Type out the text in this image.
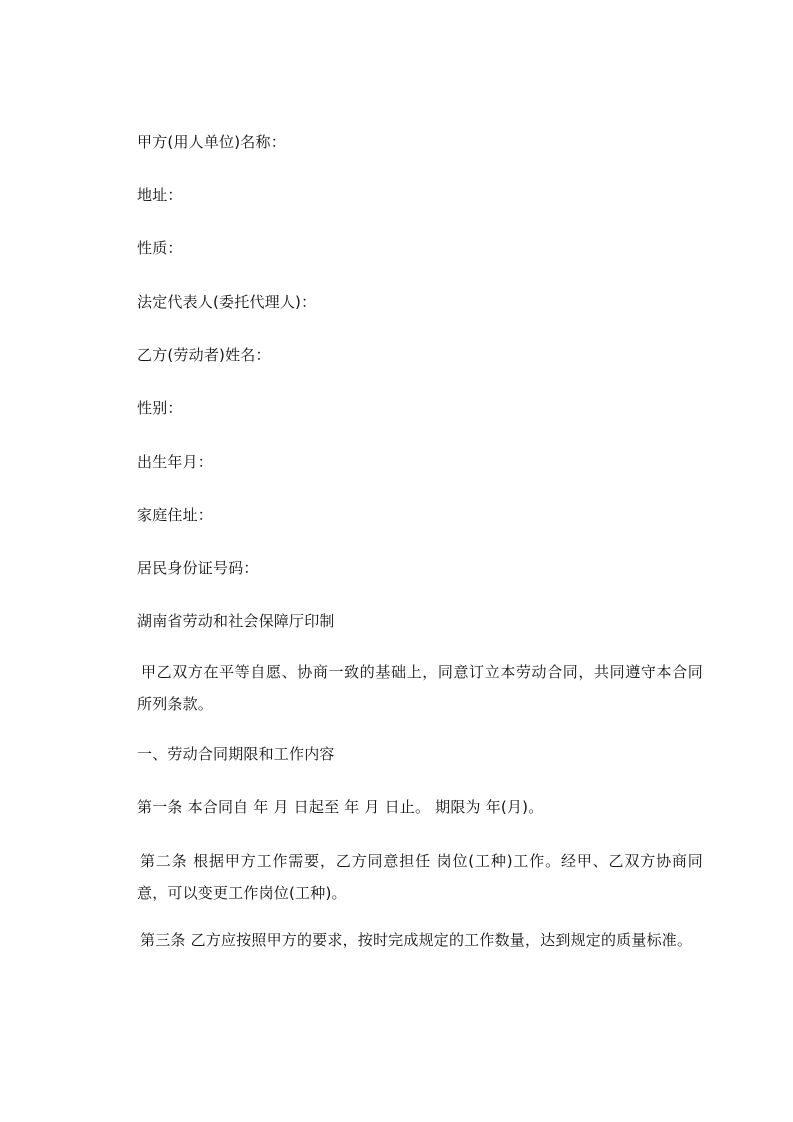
甲方(用人单位)名称：
地址：
性质：
法定代表人(委托代理人)：
乙方(劳动者)姓名：
性别：
出生年月：
家庭住址：
居民身份证号码：
湖南省劳动和社会保障厅印制
甲乙双方在平等自愿、协商一致的基础上，同意订立本劳动合同，共同遵守本合同所列条款。
一、劳动合同期限和工作内容
第一条 本合同自 年 月 日起至 年 月 日止。 期限为 年(月)。
第二条 根据甲方工作需要，乙方同意担任 岗位(工种)工作。经甲、乙双方协商同意，可以变更工作岗位(工种)。
第三条 乙方应按照甲方的要求，按时完成规定的工作数量，达到规定的质量标准。
